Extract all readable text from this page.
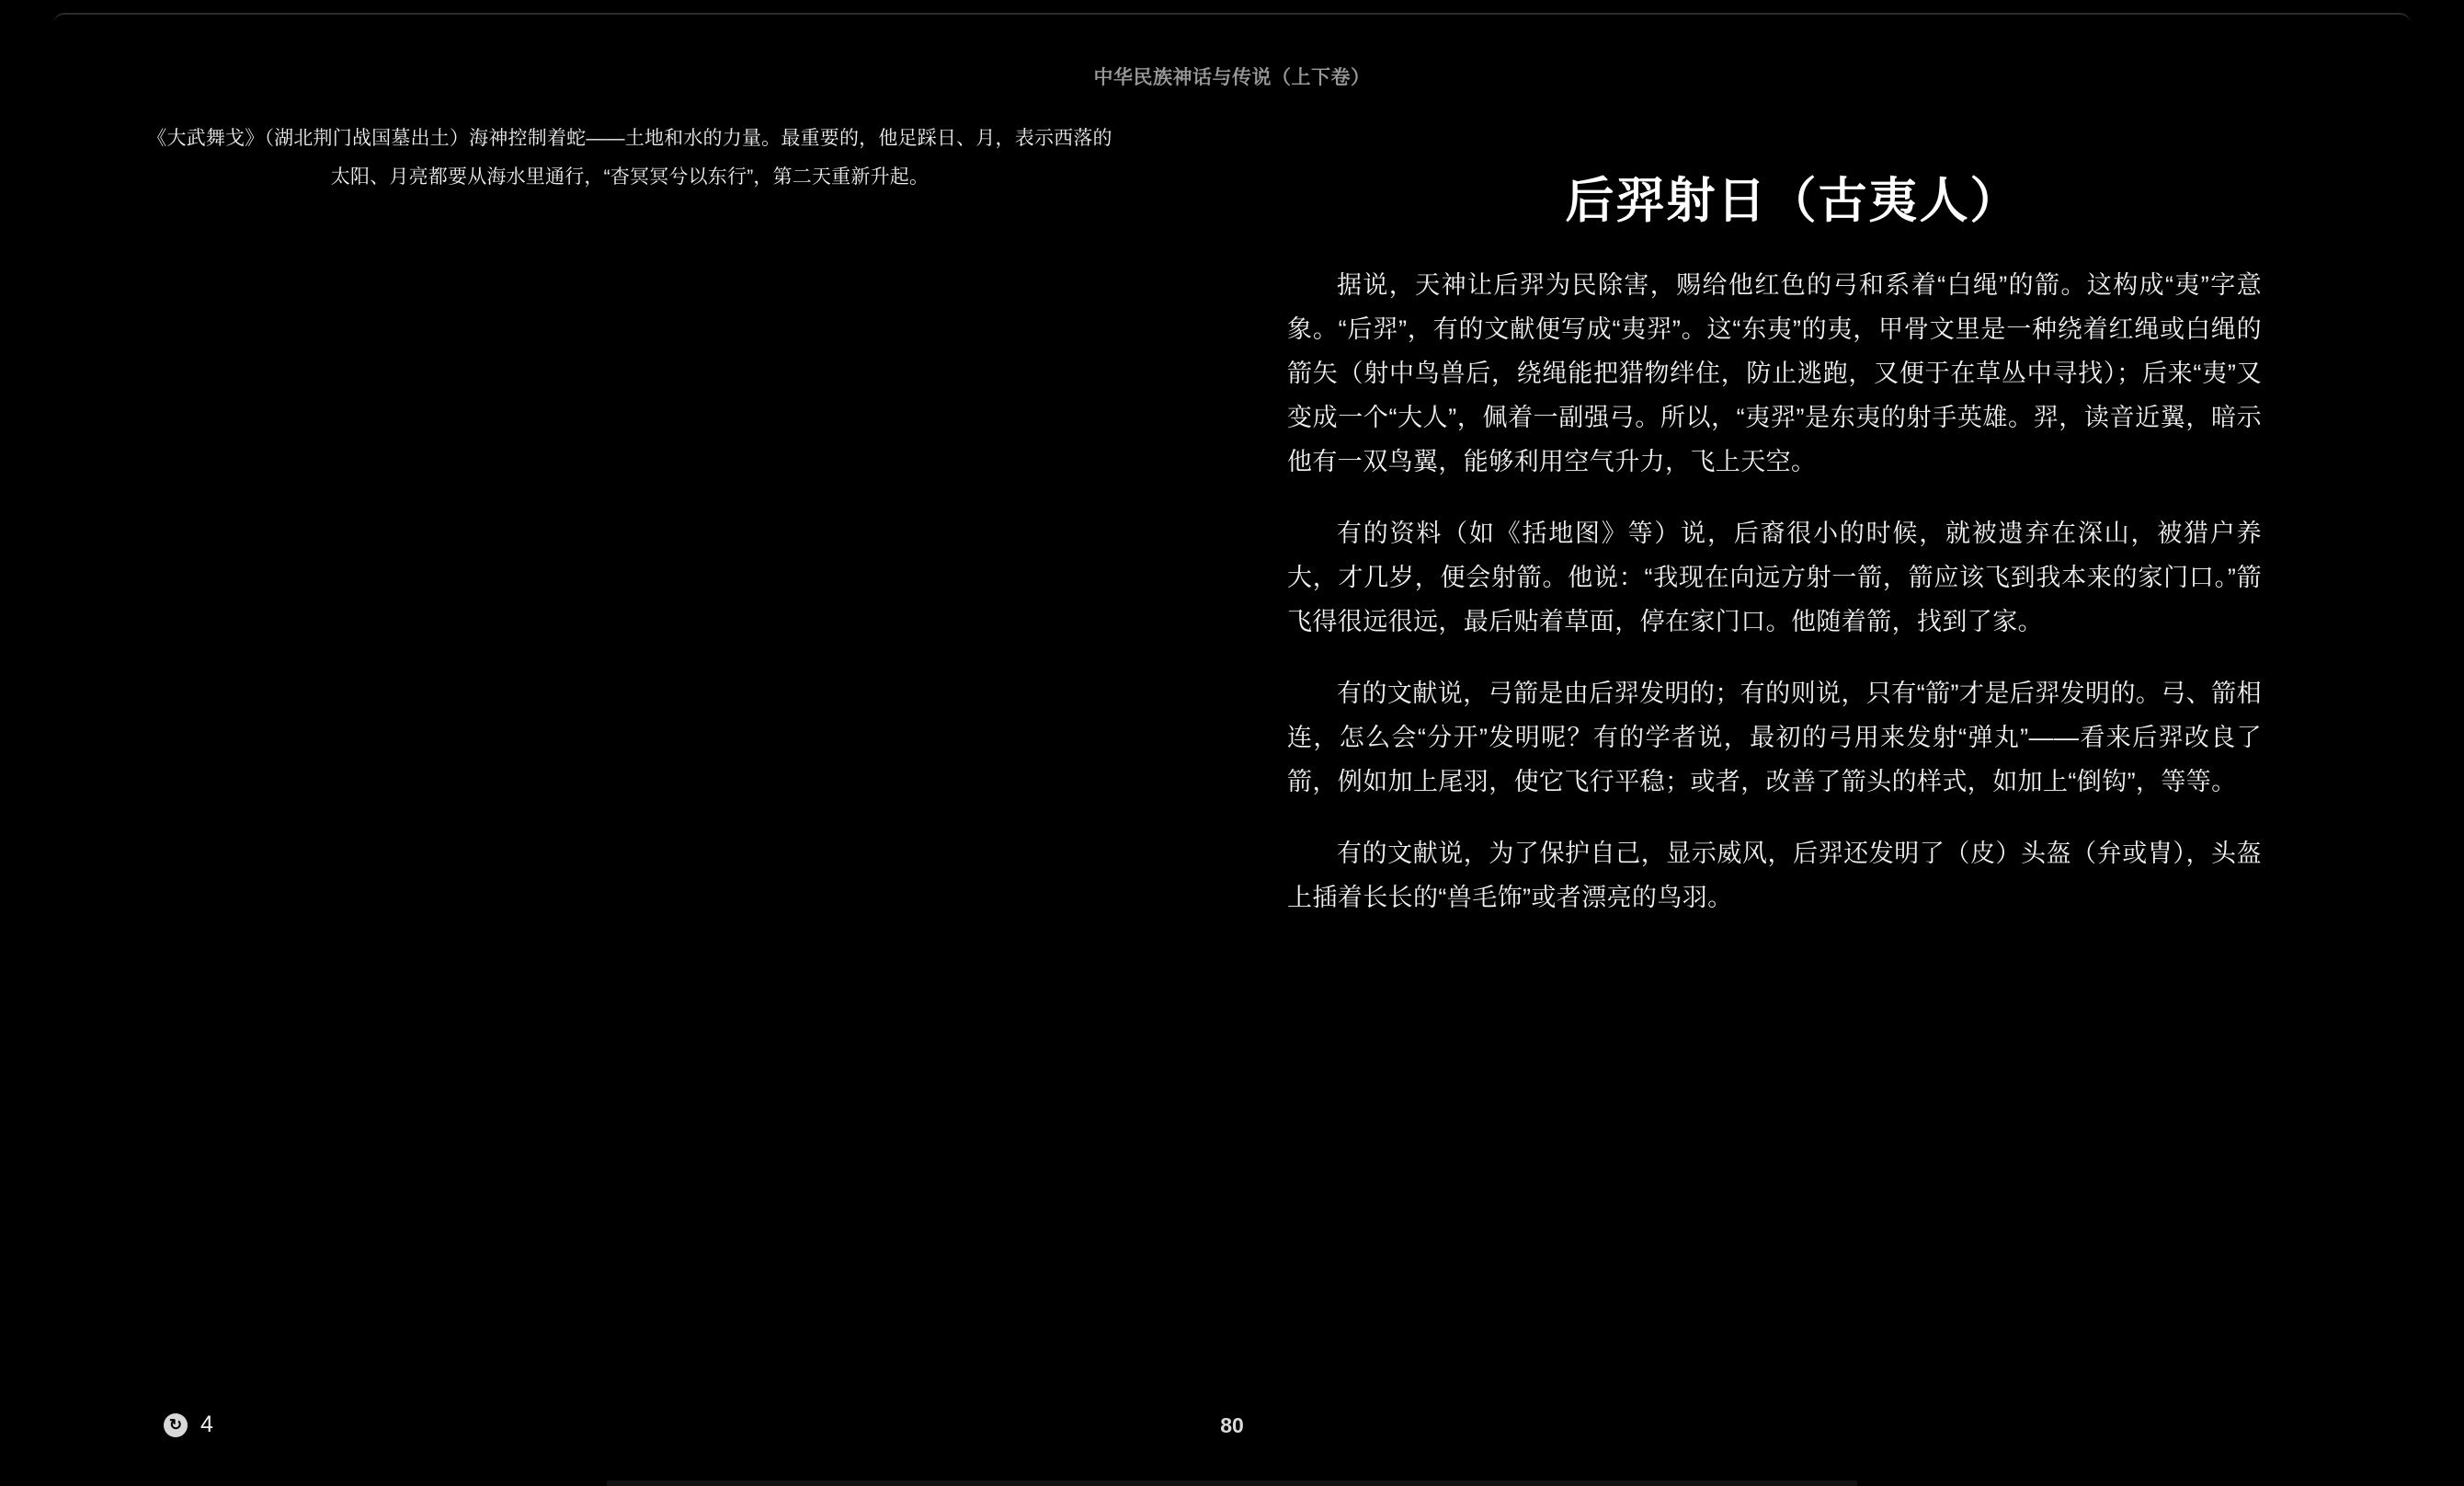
中华民族神话与传说（上下卷）
《大武舞戈》（湖北荆门战国墓出土）海神控制着蛇——土地和水的力量。最重要的，他足踩日、月，表示西落的太阳、月亮都要从海水里通行，“杳冥冥兮以东行”，第二天重新升起。	后羿射日（古夷人）
据说，天神让后羿为民除害，赐给他红色的弓和系着“白绳”的箭。这构成“夷”字意象。“后羿”，有的文献便写成“夷羿”。这“东夷”的夷，甲骨文里是一种绕着红绳或白绳的箭矢（射中鸟兽后，绕绳能把猎物绊住，防止逃跑，又便于在草丛中寻找）；后来“夷”又变成一个“大人”，佩着一副强弓。所以，“夷羿”是东夷的射手英雄。羿，读音近翼，暗示他有一双鸟翼，能够利用空气升力，飞上天空。
有的资料（如《括地图》等）说，后裔很小的时候，就被遗弃在深山，被猎户养大，才几岁，便会射箭。他说：“我现在向远方射一箭，箭应该飞到我本来的家门口。”箭飞得很远很远，最后贴着草面，停在家门口。他随着箭，找到了家。
有的文献说，弓箭是由后羿发明的；有的则说，只有“箭”才是后羿发明的。弓、箭相连，怎么会“分开”发明呢？有的学者说，最初的弓用来发射“弹丸”——看来后羿改良了箭，例如加上尾羽，使它飞行平稳；或者，改善了箭头的样式，如加上“倒钩”，等等。
有的文献说，为了保护自己，显示威风，后羿还发明了（皮）头盔（弁或胄），头盔上插着长长的“兽毛饰”或者漂亮的鸟羽。
↻ 4	80
